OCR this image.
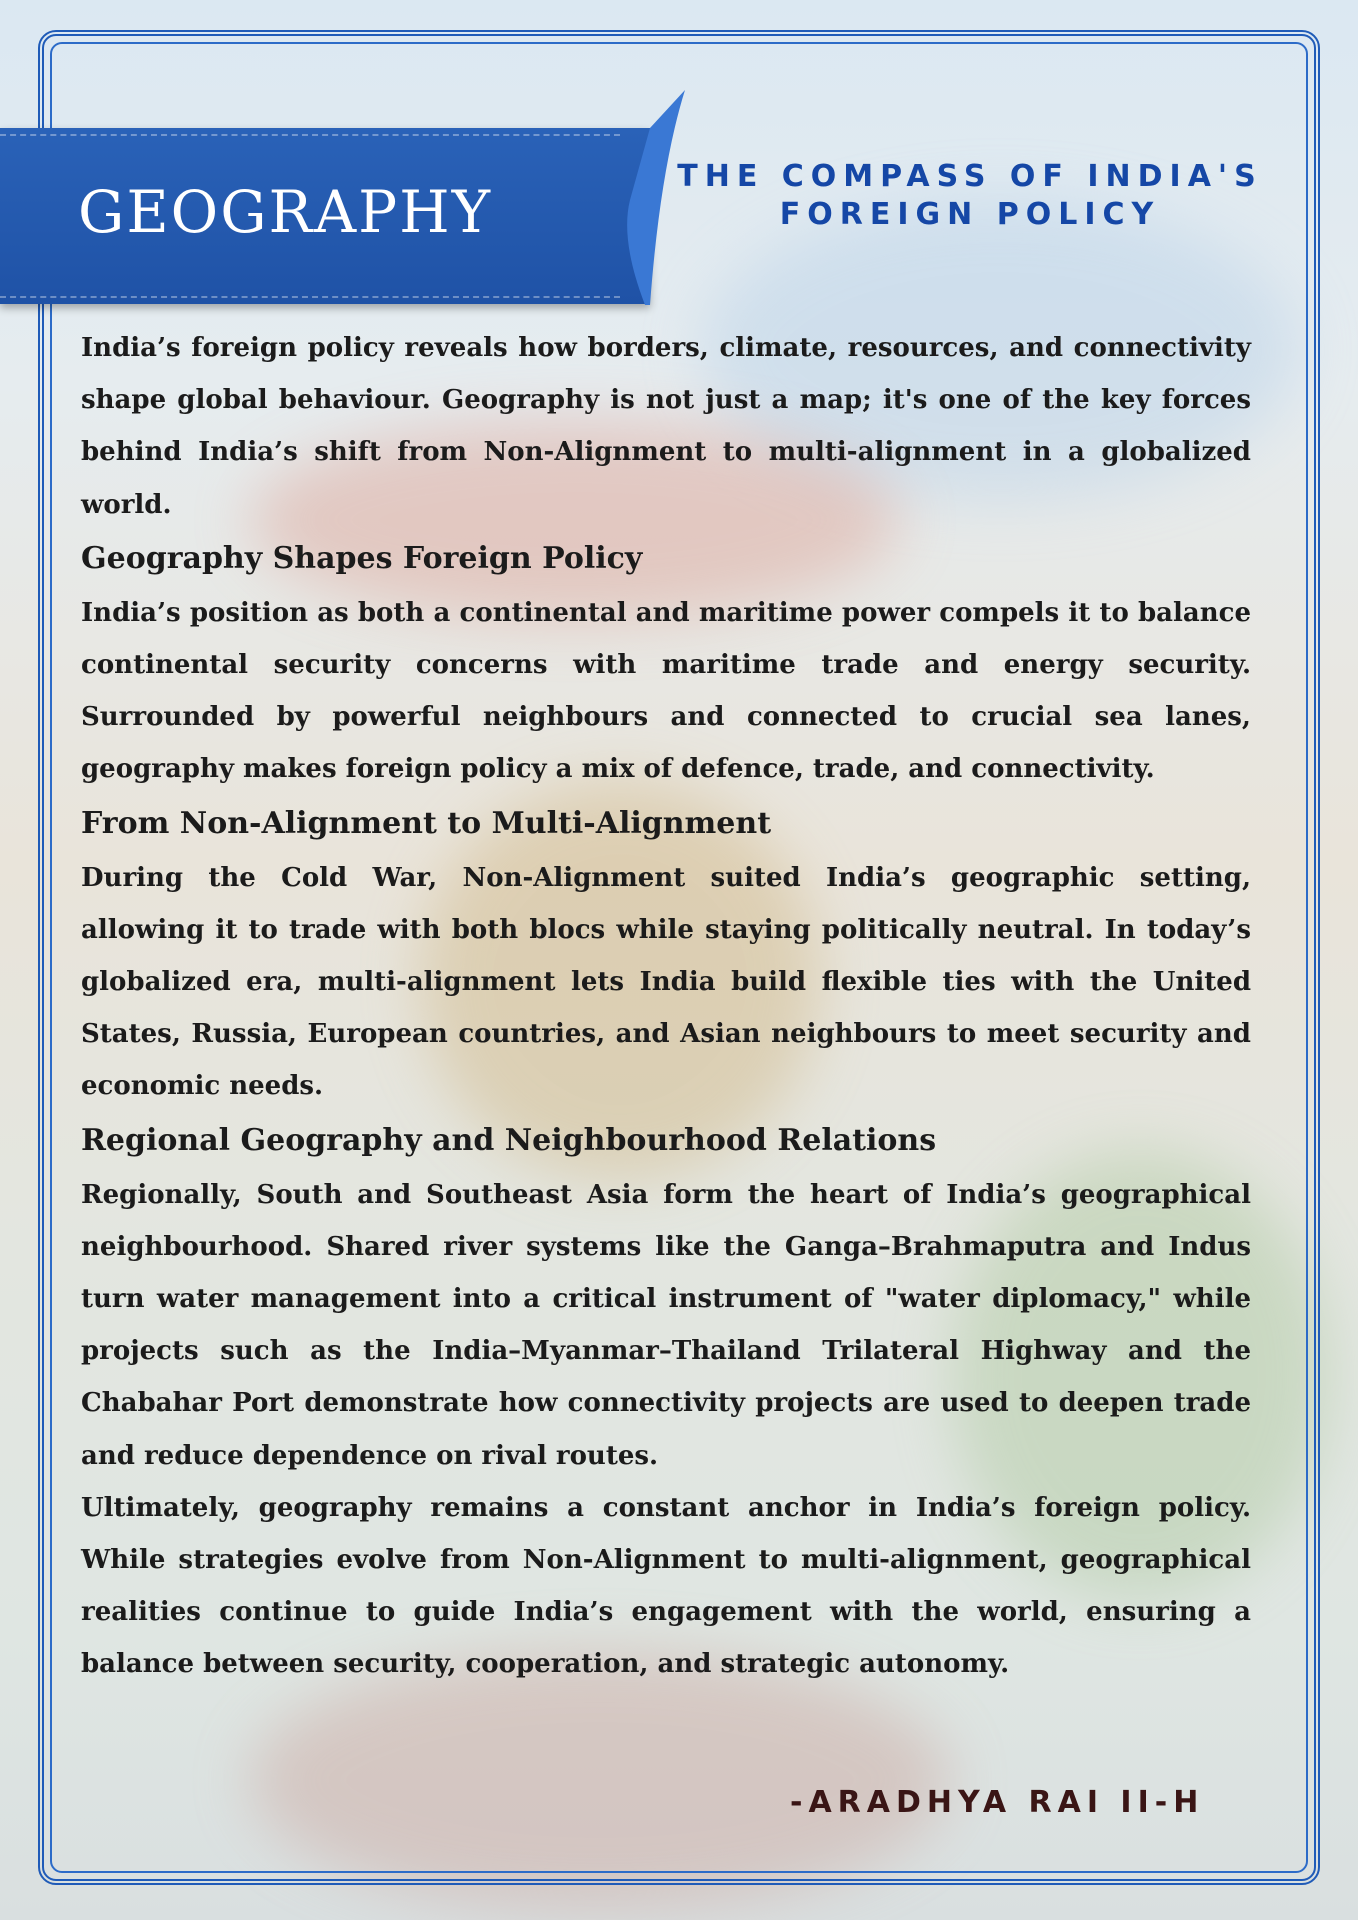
GEOGRAPHY
THE COMPASS OF INDIA'S
FOREIGN POLICY

India’s foreign policy reveals how borders, climate, resources, and connectivity shape global behaviour. Geography is not just a map; it's one of the key forces behind India’s shift from Non-Alignment to multi-alignment in a globalized world.

Geography Shapes Foreign Policy

India’s position as both a continental and maritime power compels it to balance continental security concerns with maritime trade and energy security. Surrounded by powerful neighbours and connected to crucial sea lanes, geography makes foreign policy a mix of defence, trade, and connectivity.

From Non-Alignment to Multi-Alignment

During the Cold War, Non-Alignment suited India’s geographic setting, allowing it to trade with both blocs while staying politically neutral. In today’s globalized era, multi-alignment lets India build flexible ties with the United States, Russia, European countries, and Asian neighbours to meet security and economic needs.

Regional Geography and Neighbourhood Relations

Regionally, South and Southeast Asia form the heart of India’s geographical neighbourhood. Shared river systems like the Ganga–Brahmaputra and Indus turn water management into a critical instrument of "water diplomacy," while projects such as the India–Myanmar–Thailand Trilateral Highway and the Chabahar Port demonstrate how connectivity projects are used to deepen trade and reduce dependence on rival routes.

Ultimately, geography remains a constant anchor in India’s foreign policy. While strategies evolve from Non-Alignment to multi-alignment, geographical realities continue to guide India’s engagement with the world, ensuring a balance between security, cooperation, and strategic autonomy.

-ARADHYA RAI II-H
